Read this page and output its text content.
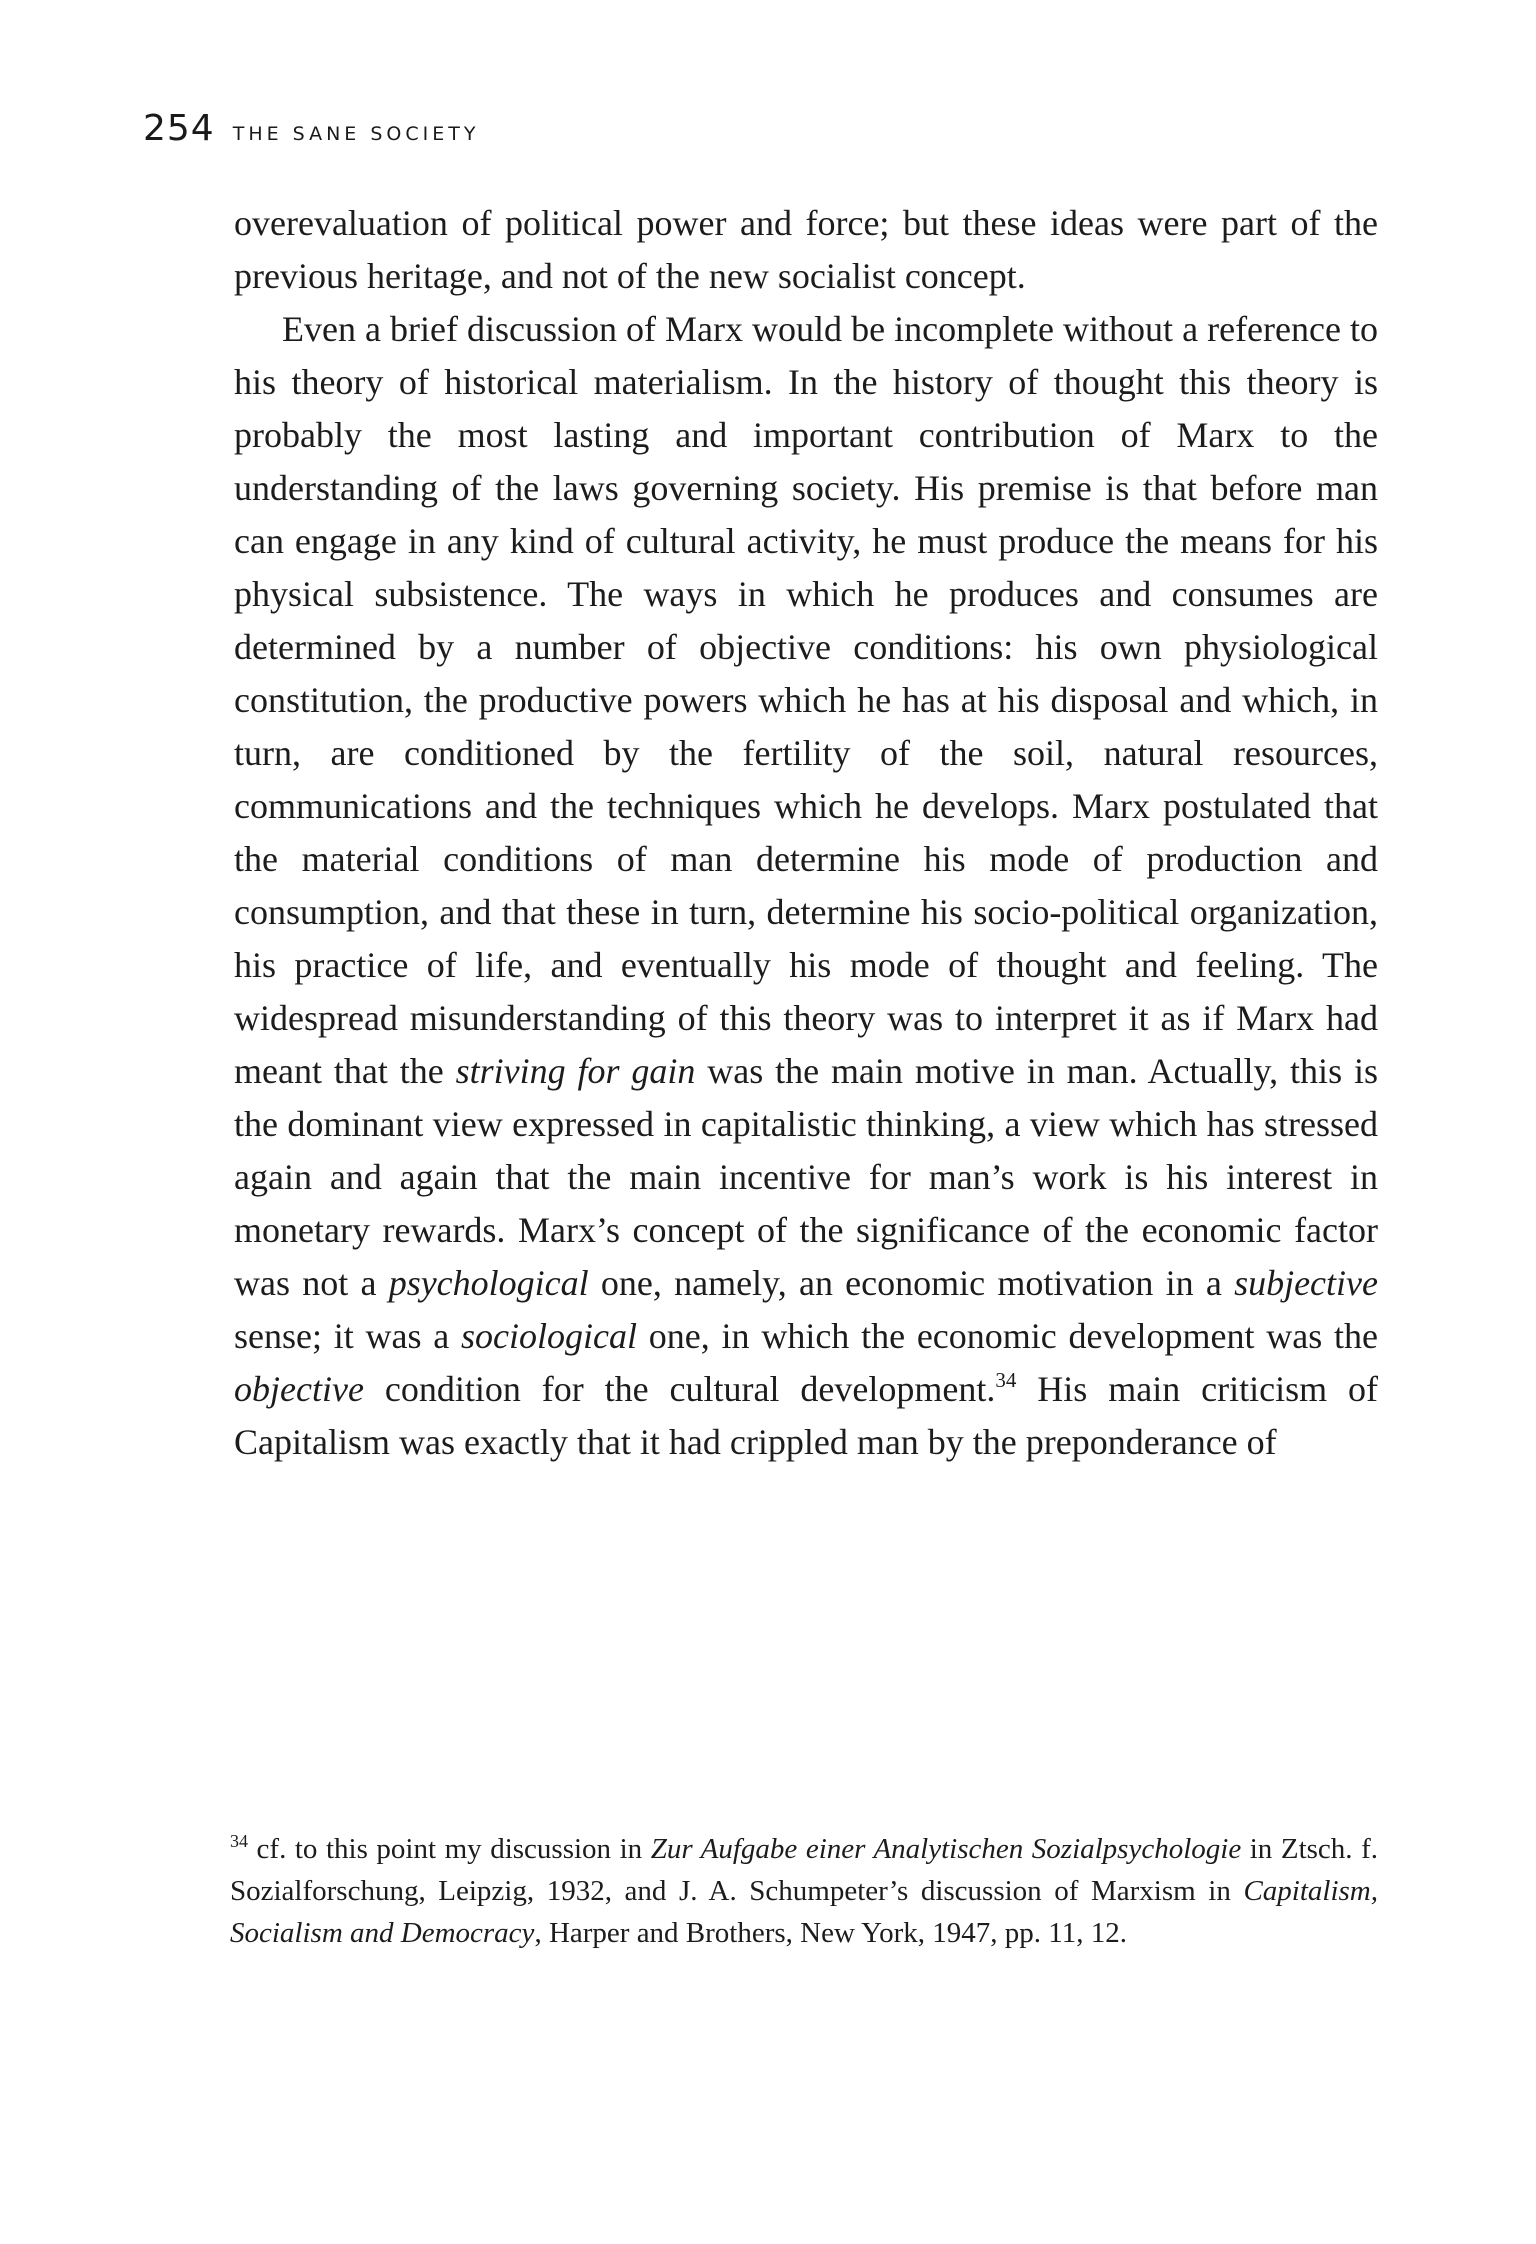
254 THE SANE SOCIETY

overevaluation of political power and force; but these ideas were part of the previous heritage, and not of the new socialist concept.

Even a brief discussion of Marx would be incomplete without a reference to his theory of historical materialism. In the history of thought this theory is probably the most lasting and important contribution of Marx to the understanding of the laws governing society. His premise is that before man can engage in any kind of cultural activity, he must produce the means for his physical subsistence. The ways in which he produces and consumes are determined by a number of objective conditions: his own physiological constitution, the productive powers which he has at his disposal and which, in turn, are conditioned by the fertility of the soil, natural resources, communications and the techniques which he develops. Marx postulated that the material conditions of man determine his mode of production and consumption, and that these in turn, determine his socio-political organization, his practice of life, and eventually his mode of thought and feeling. The widespread misunderstanding of this theory was to interpret it as if Marx had meant that the striving for gain was the main motive in man. Actually, this is the dominant view expressed in capitalistic thinking, a view which has stressed again and again that the main incentive for man’s work is his interest in monetary rewards. Marx’s concept of the significance of the economic factor was not a psychological one, namely, an economic motivation in a subjective sense; it was a sociological one, in which the economic development was the objective condition for the cultural development.$^{34}$ His main criticism of Capitalism was exactly that it had crippled man by the preponderance of

$^{34}$ cf. to this point my discussion in Zur Aufgabe einer Analytischen Sozialpsychologie in Ztsch. f. Sozialforschung, Leipzig, 1932, and J. A. Schumpeter’s discussion of Marxism in Capitalism, Socialism and Democracy, Harper and Brothers, New York, 1947, pp. 11, 12.
